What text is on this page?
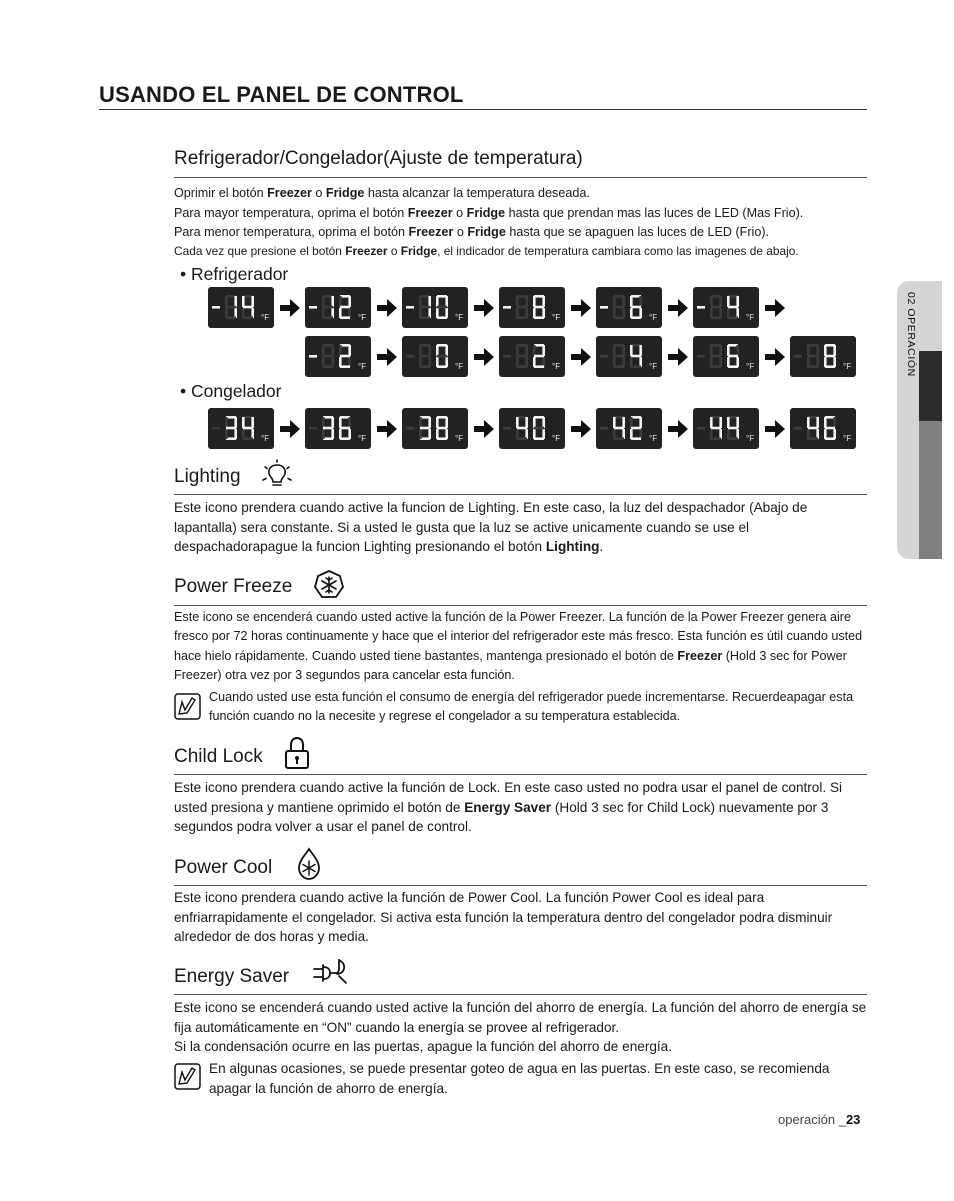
USANDO EL PANEL DE CONTROL
02 OPERACIÓN
Refrigerador/Congelador(Ajuste de temperatura)
Oprimir el botón Freezer o Fridge hasta alcanzar la temperatura deseada.
Para mayor temperatura, oprima el botón Freezer o Fridge hasta que prendan mas las luces de LED (Mas Frio).
Para menor temperatura, oprima el botón Freezer o Fridge hasta que se apaguen las luces de LED (Frio).
Cada vez que presione el botón Freezer o Fridge, el indicador de temperatura cambiara como las imagenes de abajo.
• Refrigerador
°F	°F	°F	°F	°F	°F
°F	°F	°F	°F	°F	°F
• Congelador
°F	°F	°F	°F	°F	°F	°F
Lighting
Este icono prendera cuando active la funcion de Lighting. En este caso, la luz del despachador (Abajo de lapantalla) sera constante. Si a usted le gusta que la luz se active unicamente cuando se use el despachadorapague la funcion Lighting presionando el botón Lighting.
Power Freeze
Este icono se encenderá cuando usted active la función de la Power Freezer. La función de la Power Freezer genera aire fresco por 72 horas continuamente y hace que el interior del refrigerador este más fresco. Esta función es útil cuando usted hace hielo rápidamente. Cuando usted tiene bastantes, mantenga presionado el botón de Freezer (Hold 3 sec for Power Freezer) otra vez por 3 segundos para cancelar esta función.
Cuando usted use esta función el consumo de energía del refrigerador puede incrementarse. Recuerdeapagar esta función cuando no la necesite y regrese el congelador a su temperatura establecida.
Child Lock
Este icono prendera cuando active la función de Lock. En este caso usted no podra usar el panel de control. Si usted presiona y mantiene oprimido el botón de Energy Saver (Hold 3 sec for Child Lock) nuevamente por 3 segundos podra volver a usar el panel de control.
Power Cool
Este icono prendera cuando active la función de Power Cool. La función Power Cool es ideal para enfriarrapidamente el congelador. Si activa esta función la temperatura dentro del congelador podra disminuir alrededor de dos horas y media.
Energy Saver
Este icono se encenderá cuando usted active la función del ahorro de energía. La función del ahorro de energía se fija automáticamente en “ON” cuando la energía se provee al refrigerador.
Si la condensación ocurre en las puertas, apague la función del ahorro de energía.
En algunas ocasiones, se puede presentar goteo de agua en las puertas. En este caso, se recomienda apagar la función de ahorro de energía.
operación _23
